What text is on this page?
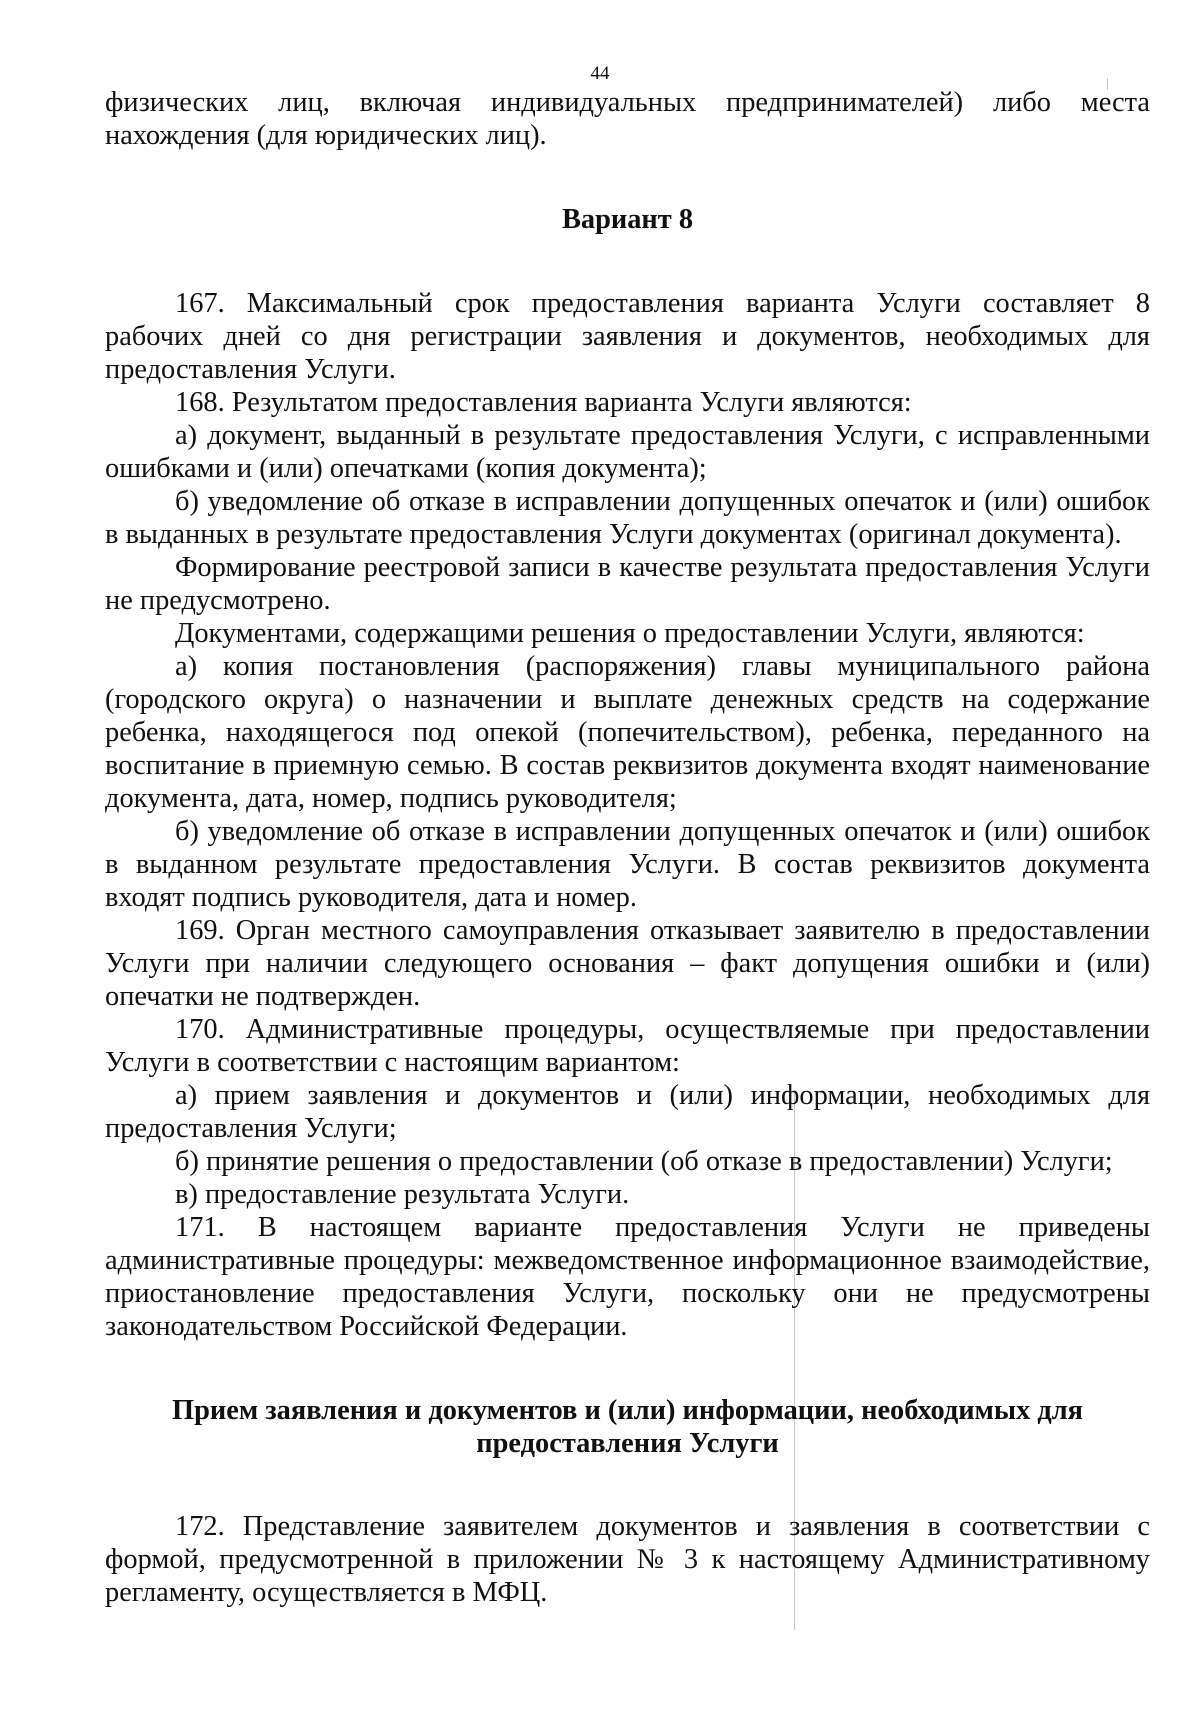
44

физических лиц, включая индивидуальных предпринимателей) либо места нахождения (для юридических лиц).

Вариант 8

167. Максимальный срок предоставления варианта Услуги составляет 8 рабочих дней со дня регистрации заявления и документов, необходимых для предоставления Услуги.

168. Результатом предоставления варианта Услуги являются:

а) документ, выданный в результате предоставления Услуги, с исправленными ошибками и (или) опечатками (копия документа);

б) уведомление об отказе в исправлении допущенных опечаток и (или) ошибок в выданных в результате предоставления Услуги документах (оригинал документа).

Формирование реестровой записи в качестве результата предоставления Услуги не предусмотрено.

Документами, содержащими решения о предоставлении Услуги, являются:

а) копия постановления (распоряжения) главы муниципального района (городского округа) о назначении и выплате денежных средств на содержание ребенка, находящегося под опекой (попечительством), ребенка, переданного на воспитание в приемную семью. В состав реквизитов документа входят наименование документа, дата, номер, подпись руководителя;

б) уведомление об отказе в исправлении допущенных опечаток и (или) ошибок в выданном результате предоставления Услуги. В состав реквизитов документа входят подпись руководителя, дата и номер.

169. Орган местного самоуправления отказывает заявителю в предоставлении Услуги при наличии следующего основания – факт допущения ошибки и (или) опечатки не подтвержден.

170. Административные процедуры, осуществляемые при предоставлении Услуги в соответствии с настоящим вариантом:

а) прием заявления и документов и (или) информации, необходимых для предоставления Услуги;

б) принятие решения о предоставлении (об отказе в предоставлении) Услуги;

в) предоставление результата Услуги.

171. В настоящем варианте предоставления Услуги не приведены административные процедуры: межведомственное информационное взаимодействие, приостановление предоставления Услуги, поскольку они не предусмотрены законодательством Российской Федерации.

Прием заявления и документов и (или) информации, необходимых для предоставления Услуги

172. Представление заявителем документов и заявления в соответствии с формой, предусмотренной в приложении № 3 к настоящему Административному регламенту, осуществляется в МФЦ.
